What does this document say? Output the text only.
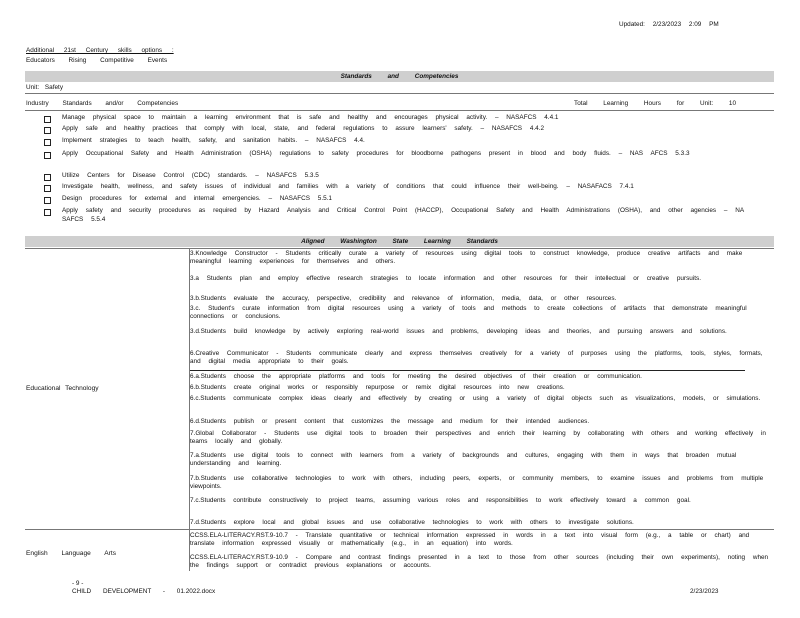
Updated: 2/23/2023 2:09 PM
Additional 21st Century skills options :
Educators Rising Competitive Events
Standards and Competencies
Unit: Safety
Industry Standards and/or Competencies	Total Learning Hours for Unit: 10
Manage physical space to maintain a learning environment that is safe and healthy and encourages physical activity. – NASAFCS 4.4.1
Apply safe and healthy practices that comply with local, state, and federal regulations to assure learners' safety. – NASAFCS 4.4.2
Implement strategies to teach health, safety, and sanitation habits. – NASAFCS 4.4.
Apply Occupational Safety and Health Administration (OSHA) regulations to safety procedures for bloodborne pathogens present in blood and body fluids. – NAS AFCS 5.3.3
Utilize Centers for Disease Control (CDC) standards. – NASAFCS 5.3.5
Investigate health, wellness, and safety issues of individual and families with a variety of conditions that could influence their well-being. – NASAFACS 7.4.1
Design procedures for external and internal emergencies. – NASAFCS 5.5.1
Apply safety and security procedures as required by Hazard Analysis and Critical Control Point (HACCP), Occupational Safety and Health Administrations (OSHA), and other agencies – NA SAFCS 5.5.4
Aligned Washington State Learning Standards
Educational Technology
3.Knowledge Constructor - Students critically curate a variety of resources using digital tools to construct knowledge, produce creative artifacts and make meaningful learning experiences for themselves and others.
3.a Students plan and employ effective research strategies to locate information and other resources for their intellectual or creative pursuits.
3.b.Students evaluate the accuracy, perspective, credibility and relevance of information, media, data, or other resources.
3.c. Student's curate information from digital resources using a variety of tools and methods to create collections of artifacts that demonstrate meaningful connections or conclusions.
3.d.Students build knowledge by actively exploring real-world issues and problems, developing ideas and theories, and pursuing answers and solutions.
6.Creative Communicator - Students communicate clearly and express themselves creatively for a variety of purposes using the platforms, tools, styles, formats, and digital media appropriate to their goals.
6.a.Students choose the appropriate platforms and tools for meeting the desired objectives of their creation or communication.
6.b.Students create original works or responsibly repurpose or remix digital resources into new creations.
6.c.Students communicate complex ideas clearly and effectively by creating or using a variety of digital objects such as visualizations, models, or simulations.
6.d.Students publish or present content that customizes the message and medium for their intended audiences.
7.Global Collaborator - Students use digital tools to broaden their perspectives and enrich their learning by collaborating with others and working effectively in teams locally and globally.
7.a.Students use digital tools to connect with learners from a variety of backgrounds and cultures, engaging with them in ways that broaden mutual understanding and learning.
7.b.Students use collaborative technologies to work with others, including peers, experts, or community members, to examine issues and problems from multiple viewpoints.
7.c.Students contribute constructively to project teams, assuming various roles and responsibilities to work effectively toward a common goal.
7.d.Students explore local and global issues and use collaborative technologies to work with others to investigate solutions.
English Language Arts
CCSS.ELA-LITERACY.RST.9-10.7 - Translate quantitative or technical information expressed in words in a text into visual form (e.g., a table or chart) and translate information expressed visually or mathematically (e.g., in an equation) into words.
CCSS.ELA-LITERACY.RST.9-10.9 - Compare and contrast findings presented in a text to those from other sources (including their own experiments), noting when the findings support or contradict previous explanations or accounts.
- 9 -
CHILD DEVELOPMENT - 01.2022.docx	2/23/2023
